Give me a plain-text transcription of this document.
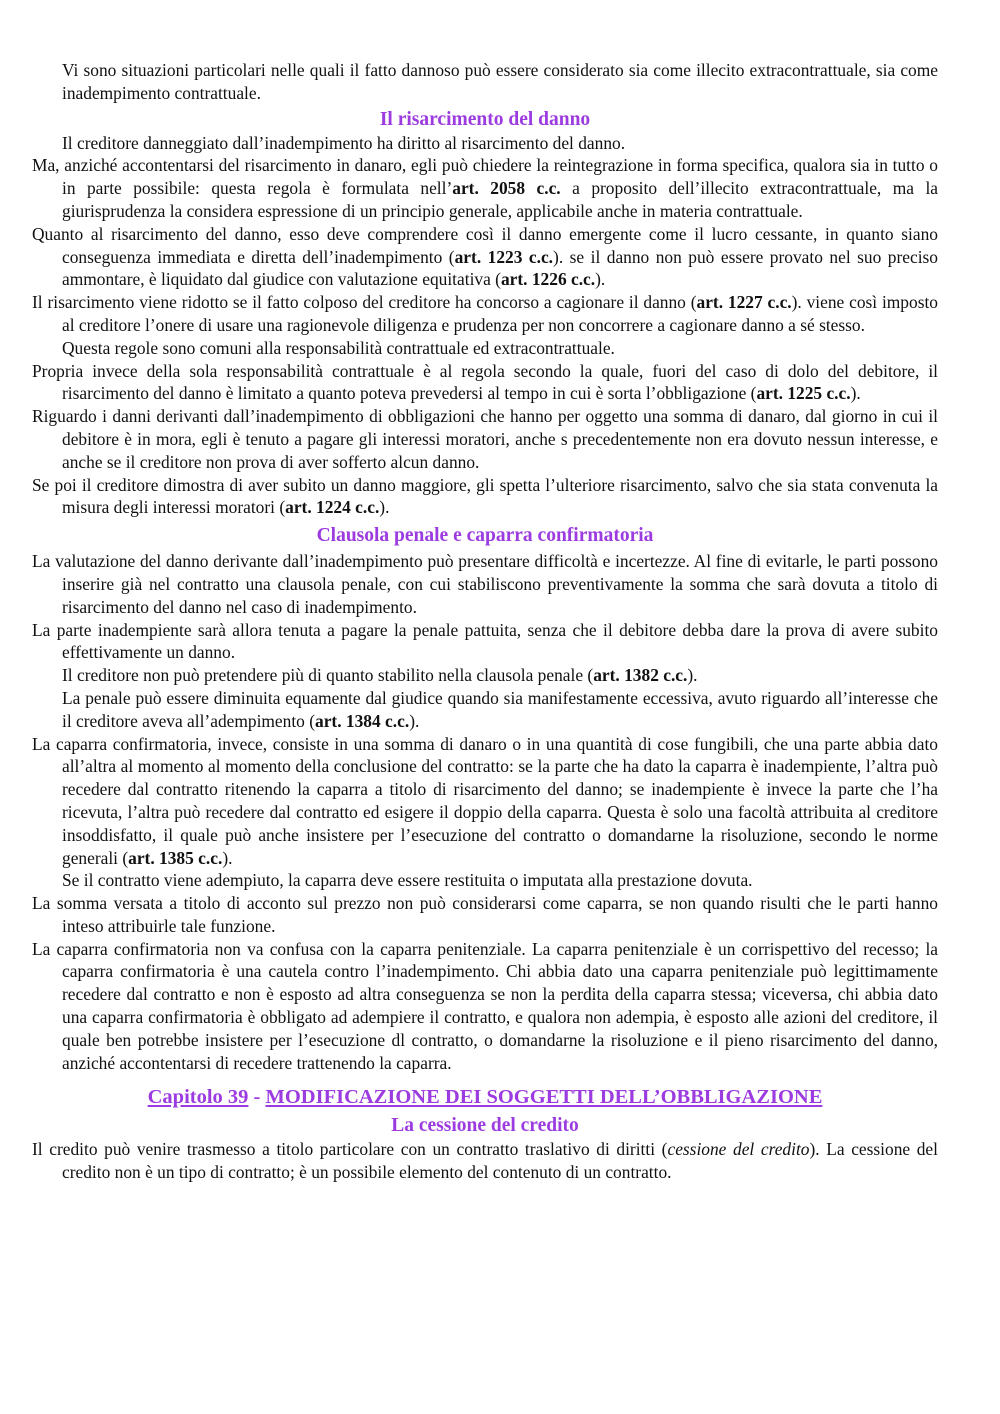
Vi sono situazioni particolari nelle quali il fatto dannoso può essere considerato sia come illecito extracontrattuale, sia come inadempimento contrattuale.

Il risarcimento del danno

Il creditore danneggiato dall’inadempimento ha diritto al risarcimento del danno.

Ma, anziché accontentarsi del risarcimento in danaro, egli può chiedere la reintegrazione in forma specifica, qualora sia in tutto o in parte possibile: questa regola è formulata nell’art. 2058 c.c. a proposito dell’illecito extracontrattuale, ma la giurisprudenza la considera espressione di un principio generale, applicabile anche in materia contrattuale.

Quanto al risarcimento del danno, esso deve comprendere così il danno emergente come il lucro cessante, in quanto siano conseguenza immediata e diretta dell’inadempimento (art. 1223 c.c.). se il danno non può essere provato nel suo preciso ammontare, è liquidato dal giudice con valutazione equitativa (art. 1226 c.c.).

Il risarcimento viene ridotto se il fatto colposo del creditore ha concorso a cagionare il danno (art. 1227 c.c.). viene così imposto al creditore l’onere di usare una ragionevole diligenza e prudenza per non concorrere a cagionare danno a sé stesso.

Questa regole sono comuni alla responsabilità contrattuale ed extracontrattuale.

Propria invece della sola responsabilità contrattuale è al regola secondo la quale, fuori del caso di dolo del debitore, il risarcimento del danno è limitato a quanto poteva prevedersi al tempo in cui è sorta l’obbligazione (art. 1225 c.c.).

Riguardo i danni derivanti dall’inadempimento di obbligazioni che hanno per oggetto una somma di danaro, dal giorno in cui il debitore è in mora, egli è tenuto a pagare gli interessi moratori, anche s precedentemente non era dovuto nessun interesse, e anche se il creditore non prova di aver sofferto alcun danno.

Se poi il creditore dimostra di aver subito un danno maggiore, gli spetta l’ulteriore risarcimento, salvo che sia stata convenuta la misura degli interessi moratori (art. 1224 c.c.).

Clausola penale e caparra confirmatoria

La valutazione del danno derivante dall’inadempimento può presentare difficoltà e incertezze. Al fine di evitarle, le parti possono inserire già nel contratto una clausola penale, con cui stabiliscono preventivamente la somma che sarà dovuta a titolo di risarcimento del danno nel caso di inadempimento.

La parte inadempiente sarà allora tenuta a pagare la penale pattuita, senza che il debitore debba dare la prova di avere subito effettivamente un danno.

Il creditore non può pretendere più di quanto stabilito nella clausola penale (art. 1382 c.c.).

La penale può essere diminuita equamente dal giudice quando sia manifestamente eccessiva, avuto riguardo all’interesse che il creditore aveva all’adempimento (art. 1384 c.c.).

La caparra confirmatoria, invece, consiste in una somma di danaro o in una quantità di cose fungibili, che una parte abbia dato all’altra al momento al momento della conclusione del contratto: se la parte che ha dato la caparra è inadempiente, l’altra può recedere dal contratto ritenendo la caparra a titolo di risarcimento del danno; se inadempiente è invece la parte che l’ha ricevuta, l’altra può recedere dal contratto ed esigere il doppio della caparra. Questa è solo una facoltà attribuita al creditore insoddisfatto, il quale può anche insistere per l’esecuzione del contratto o domandarne la risoluzione, secondo le norme generali (art. 1385 c.c.).

Se il contratto viene adempiuto, la caparra deve essere restituita o imputata alla prestazione dovuta.

La somma versata a titolo di acconto sul prezzo non può considerarsi come caparra, se non quando risulti che le parti hanno inteso attribuirle tale funzione.

La caparra confirmatoria non va confusa con la caparra penitenziale. La caparra penitenziale è un corrispettivo del recesso; la caparra confirmatoria è una cautela contro l’inadempimento. Chi abbia dato una caparra penitenziale può legittimamente recedere dal contratto e non è esposto ad altra conseguenza se non la perdita della caparra stessa; viceversa, chi abbia dato una caparra confirmatoria è obbligato ad adempiere il contratto, e qualora non adempia, è esposto alle azioni del creditore, il quale ben potrebbe insistere per l’esecuzione dl contratto, o domandarne la risoluzione e il pieno risarcimento del danno, anziché accontentarsi di recedere trattenendo la caparra.

Capitolo 39 - MODIFICAZIONE DEI SOGGETTI DELL’OBBLIGAZIONE
La cessione del credito

Il credito può venire trasmesso a titolo particolare con un contratto traslativo di diritti (cessione del credito). La cessione del credito non è un tipo di contratto; è un possibile elemento del contenuto di un contratto.
